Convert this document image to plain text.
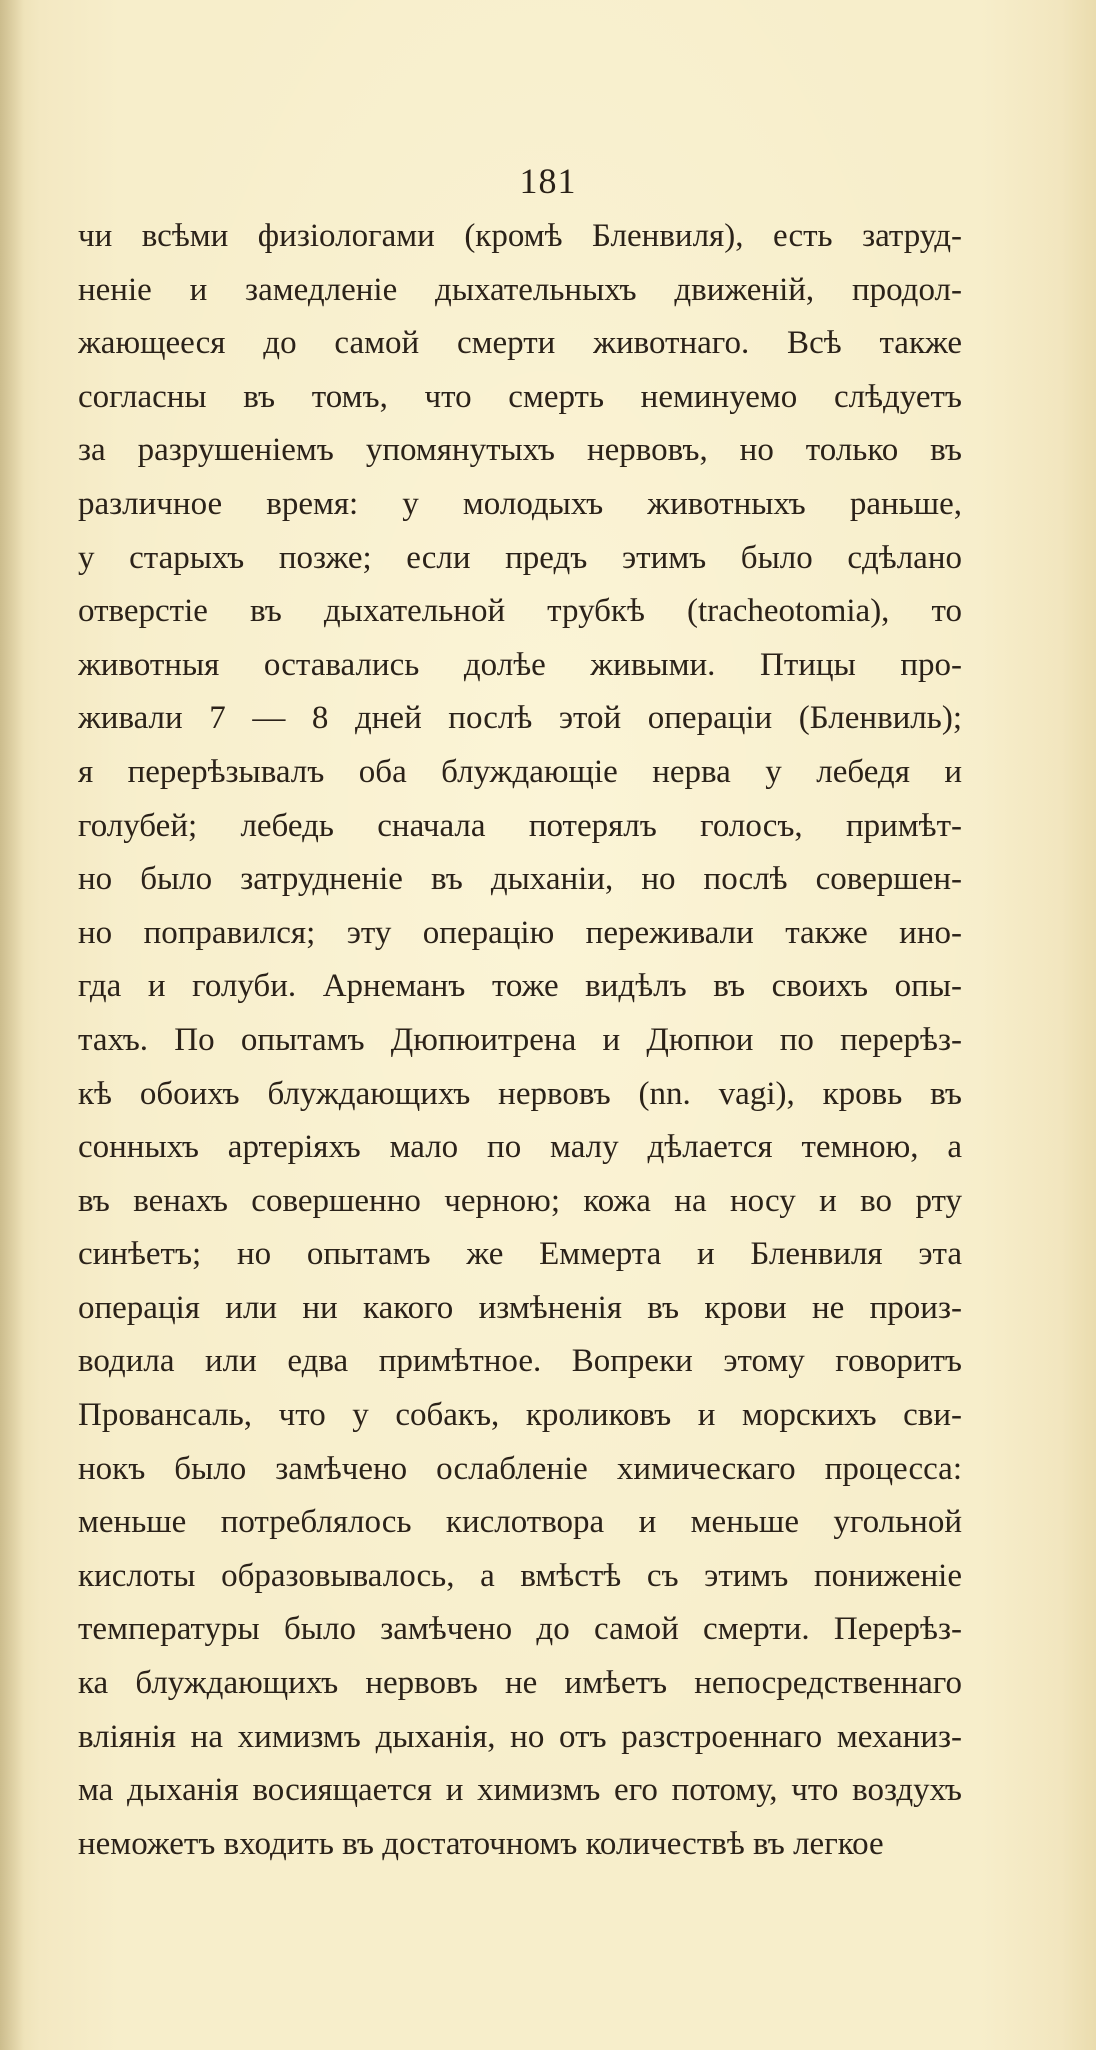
181
чи всѣми физіологами (кромѣ Бленвиля), есть затруд-
неніе и замедленіе дыхательныхъ движеній, продол-
жающееся до самой смерти животнаго. Всѣ также
согласны въ томъ, что смерть неминуемо слѣдуетъ
за разрушеніемъ упомянутыхъ нервовъ, но только въ
различное время: у молодыхъ животныхъ раньше,
у старыхъ позже; если предъ этимъ было сдѣлано
отверстіе въ дыхательной трубкѣ (tracheotomia), то
животныя оставались долѣе живыми. Птицы про-
живали 7 — 8 дней послѣ этой операціи (Бленвиль);
я перерѣзывалъ оба блуждающіе нерва у лебедя и
голубей; лебедь сначала потерялъ голосъ, примѣт-
но было затрудненіе въ дыханіи, но послѣ совершен-
но поправился; эту операцію переживали также ино-
гда и голуби. Арнеманъ тоже видѣлъ въ своихъ опы-
тахъ. По опытамъ Дюпюитрена и Дюпюи по перерѣз-
кѣ обоихъ блуждающихъ нервовъ (nn. vagi), кровь въ
сонныхъ артеріяхъ мало по малу дѣлается темною, а
въ венахъ совершенно черною; кожа на носу и во рту
синѣетъ; но опытамъ же Еммерта и Бленвиля эта
операція или ни какого измѣненія въ крови не произ-
водила или едва примѣтное. Вопреки этому говоритъ
Провансаль, что у собакъ, кроликовъ и морскихъ сви-
нокъ было замѣчено ослабленіе химическаго процесса:
меньше потреблялось кислотвора и меньше угольной
кислоты образовывалось, а вмѣстѣ съ этимъ пониженіе
температуры было замѣчено до самой смерти. Перерѣз-
ка блуждающихъ нервовъ не имѣетъ непосредственнаго
вліянія на химизмъ дыханія, но отъ разстроеннаго механиз-
ма дыханія восиящается и химизмъ его потому, что воздухъ
неможетъ входить въ достаточномъ количествѣ въ легкое
